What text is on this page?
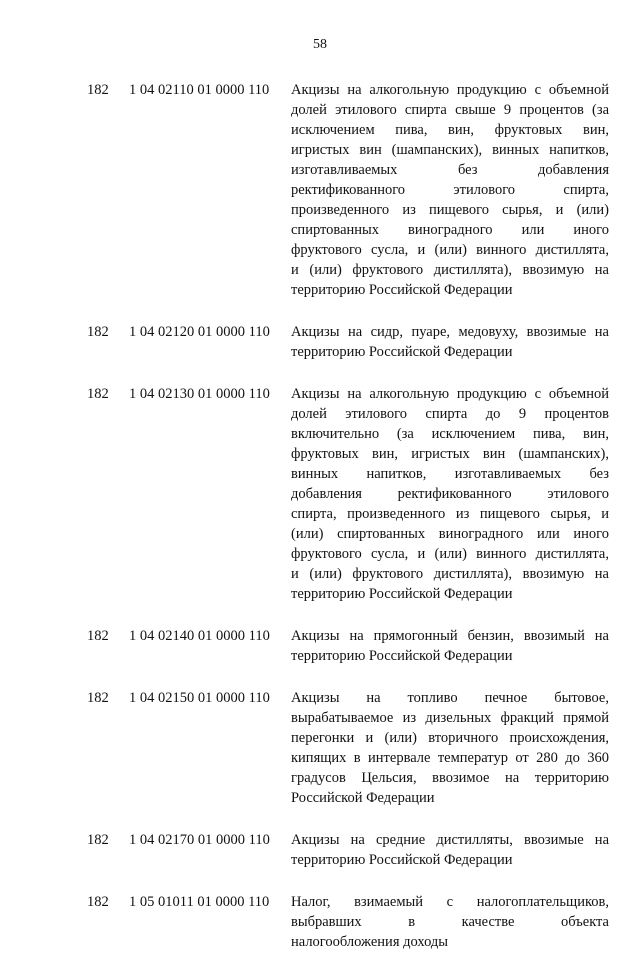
58
182 1 04 02110 01 0000 110 Акцизы на алкогольную продукцию с объемной
долей этилового спирта свыше 9 процентов (за
исключением пива, вин, фруктовых вин,
игристых вин (шампанских), винных напитков,
изготавливаемых без добавления
ректификованного этилового спирта,
произведенного из пищевого сырья, и (или)
спиртованных виноградного или иного
фруктового сусла, и (или) винного дистиллята,
и (или) фруктового дистиллята), ввозимую на
территорию Российской Федерации
182 1 04 02120 01 0000 110 Акцизы на сидр, пуаре, медовуху, ввозимые на
территорию Российской Федерации
182 1 04 02130 01 0000 110 Акцизы на алкогольную продукцию с объемной
долей этилового спирта до 9 процентов
включительно (за исключением пива, вин,
фруктовых вин, игристых вин (шампанских),
винных напитков, изготавливаемых без
добавления ректификованного этилового
спирта, произведенного из пищевого сырья, и
(или) спиртованных виноградного или иного
фруктового сусла, и (или) винного дистиллята,
и (или) фруктового дистиллята), ввозимую на
территорию Российской Федерации
182 1 04 02140 01 0000 110 Акцизы на прямогонный бензин, ввозимый на
территорию Российской Федерации
182 1 04 02150 01 0000 110 Акцизы на топливо печное бытовое,
вырабатываемое из дизельных фракций прямой
перегонки и (или) вторичного происхождения,
кипящих в интервале температур от 280 до 360
градусов Цельсия, ввозимое на территорию
Российской Федерации
182 1 04 02170 01 0000 110 Акцизы на средние дистилляты, ввозимые на
территорию Российской Федерации
182 1 05 01011 01 0000 110 Налог, взимаемый с налогоплательщиков,
выбравших в качестве объекта
налогообложения доходы
